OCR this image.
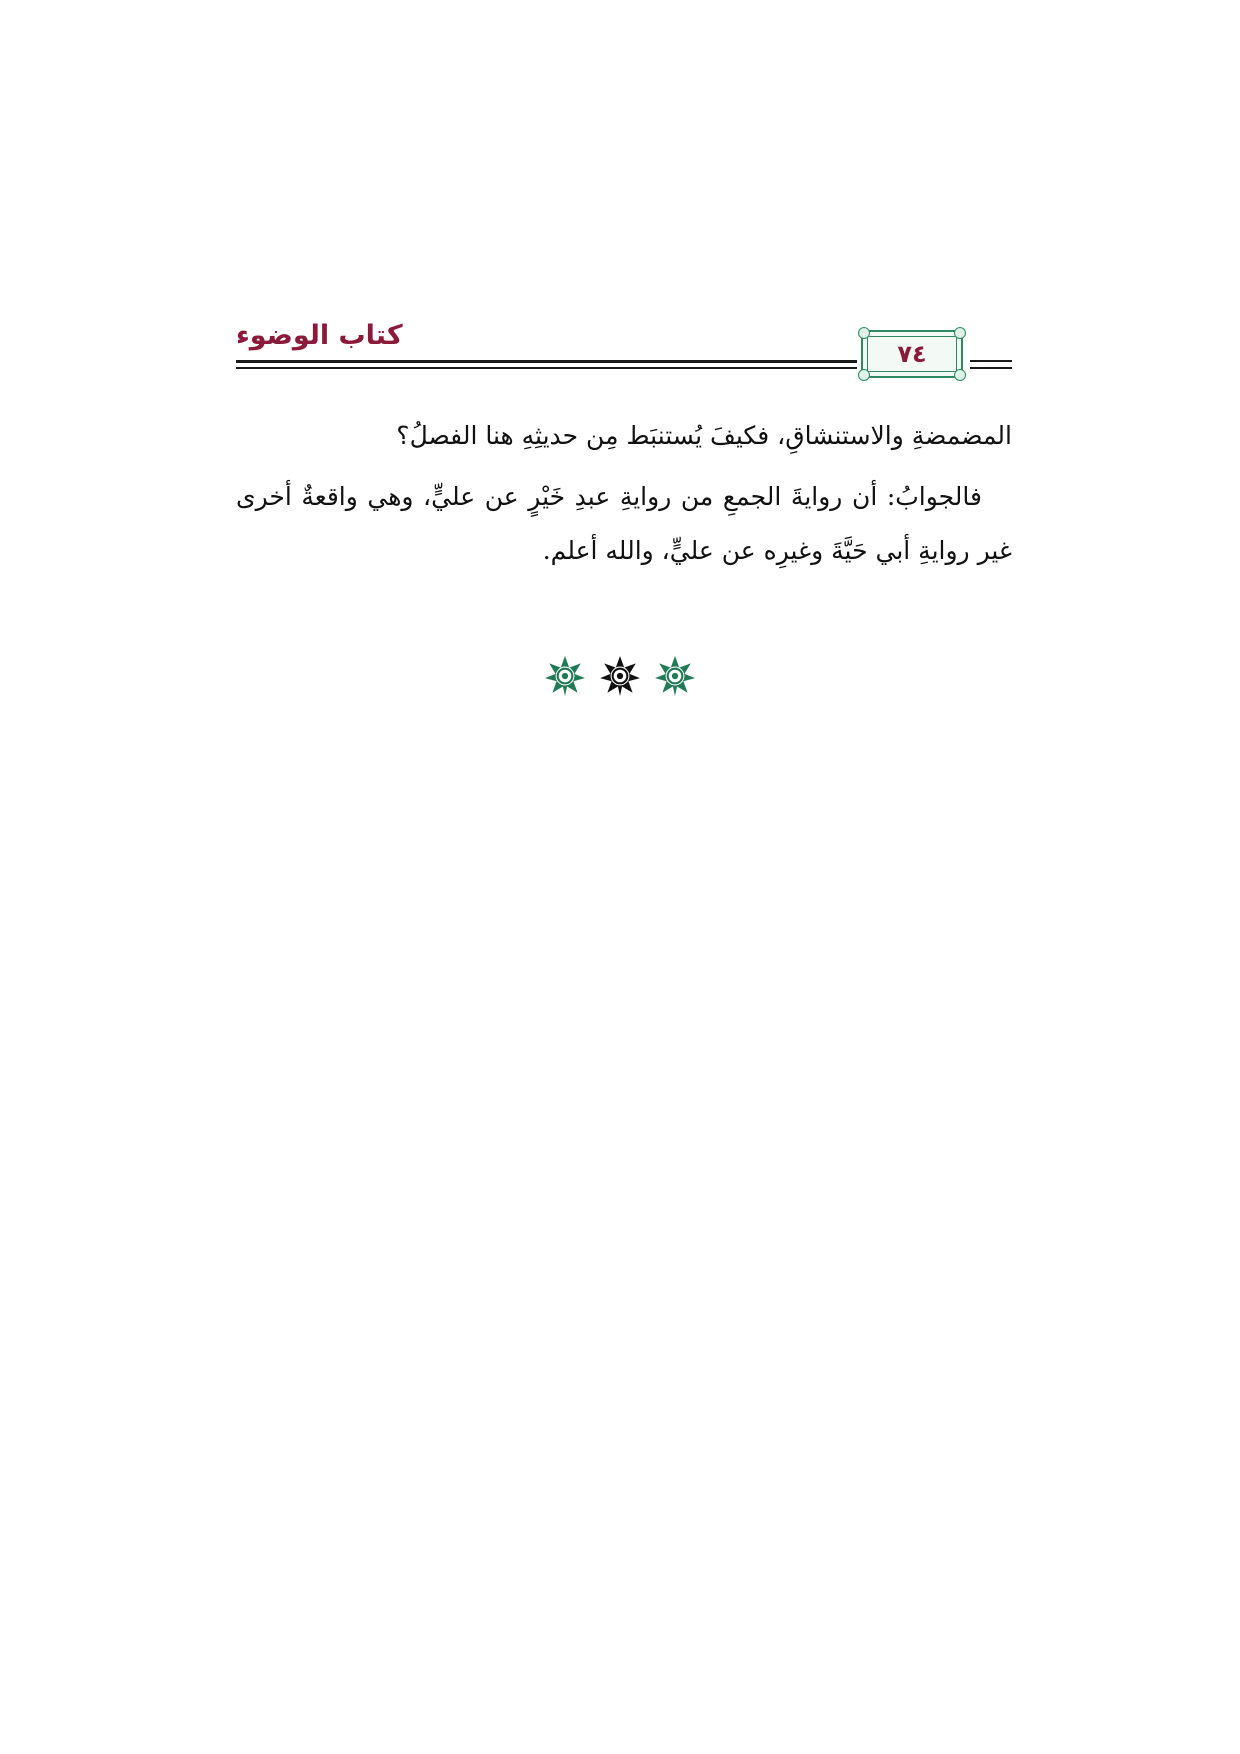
كتاب الوضوء
٧٤

المضمضةِ والاستنشاقِ، فكيفَ يُستنبَط مِن حديثِهِ هنا الفصلُ؟

فالجوابُ: أن روايةَ الجمعِ من روايةِ عبدِ خَيْرٍ عن عليٍّ، وهي واقعةٌ أخرى غير روايةِ أبي حَيَّةَ وغيرِه عن عليٍّ، والله أعلم.
